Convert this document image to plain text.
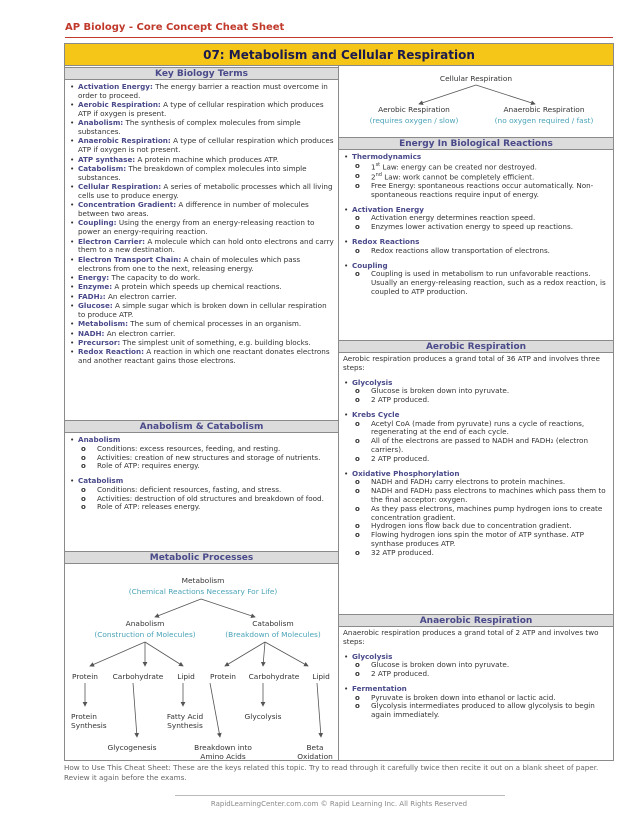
AP Biology - Core Concept Cheat Sheet
07: Metabolism and Cellular Respiration
Key Biology Terms
• Activation Energy: The energy barrier a reaction must overcome in order to proceed.
• Aerobic Respiration: A type of cellular respiration which produces ATP if oxygen is present.
• Anabolism: The synthesis of complex molecules from simple substances.
• Anaerobic Respiration: A type of cellular respiration which produces ATP if oxygen is not present.
• ATP synthase: A protein machine which produces ATP.
• Catabolism: The breakdown of complex molecules into simple substances.
• Cellular Respiration: A series of metabolic processes which all living cells use to produce energy.
• Concentration Gradient: A difference in number of molecules between two areas.
• Coupling: Using the energy from an energy-releasing reaction to power an energy-requiring reaction.
• Electron Carrier: A molecule which can hold onto electrons and carry them to a new destination.
• Electron Transport Chain: A chain of molecules which pass electrons from one to the next, releasing energy.
• Energy: The capacity to do work.
• Enzyme: A protein which speeds up chemical reactions.
• FADH₂: An electron carrier.
• Glucose: A simple sugar which is broken down in cellular respiration to produce ATP.
• Metabolism: The sum of chemical processes in an organism.
• NADH: An electron carrier.
• Precursor: The simplest unit of something, e.g. building blocks.
• Redox Reaction: A reaction in which one reactant donates electrons and another reactant gains those electrons.
Anabolism & Catabolism
• Anabolism
o Conditions: excess resources, feeding, and resting.
o Activities: creation of new structures and storage of nutrients.
o Role of ATP: requires energy.
• Catabolism
o Conditions: deficient resources, fasting, and stress.
o Activities: destruction of old structures and breakdown of food.
o Role of ATP: releases energy.
Metabolic Processes
Metabolism
(Chemical Reactions Necessary For Life)
Anabolism
(Construction of Molecules)
Catabolism
(Breakdown of Molecules)
Protein Carbohydrate Lipid Protein Carbohydrate Lipid
Protein
Synthesis
Fatty Acid
Synthesis
Glycolysis
Glycogenesis	Breakdown into
Amino Acids
Beta
Oxidation
Cellular Respiration
Aerobic Respiration
(requires oxygen / slow)
Anaerobic Respiration
(no oxygen required / fast)
Energy In Biological Reactions
• Thermodynamics
o 1st Law: energy can be created nor destroyed.
o 2nd Law: work cannot be completely efficient.
o Free Energy: spontaneous reactions occur automatically. Non-spontaneous reactions require input of energy.
• Activation Energy
o Activation energy determines reaction speed.
o Enzymes lower activation energy to speed up reactions.
• Redox Reactions
o Redox reactions allow transportation of electrons.
• Coupling
o Coupling is used in metabolism to run unfavorable reactions. Usually an energy-releasing reaction, such as a redox reaction, is coupled to ATP production.
Aerobic Respiration
Aerobic respiration produces a grand total of 36 ATP and involves three steps:
• Glycolysis
o Glucose is broken down into pyruvate.
o 2 ATP produced.
• Krebs Cycle
o Acetyl CoA (made from pyruvate) runs a cycle of reactions, regenerating at the end of each cycle.
o All of the electrons are passed to NADH and FADH₂ (electron carriers).
o 2 ATP produced.
• Oxidative Phosphorylation
o NADH and FADH₂ carry electrons to protein machines.
o NADH and FADH₂ pass electrons to machines which pass them to the final acceptor: oxygen.
o As they pass electrons, machines pump hydrogen ions to create concentration gradient.
o Hydrogen ions flow back due to concentration gradient.
o Flowing hydrogen ions spin the motor of ATP synthase. ATP synthase produces ATP.
o 32 ATP produced.
Anaerobic Respiration
Anaerobic respiration produces a grand total of 2 ATP and involves two steps:
• Glycolysis
o Glucose is broken down into pyruvate.
o 2 ATP produced.
• Fermentation
o Pyruvate is broken down into ethanol or lactic acid.
o Glycolysis intermediates produced to allow glycolysis to begin again immediately.
How to Use This Cheat Sheet: These are the keys related this topic. Try to read through it carefully twice then recite it out on a blank sheet of paper. Review it again before the exams.
RapidLearningCenter.com.com © Rapid Learning Inc. All Rights Reserved
